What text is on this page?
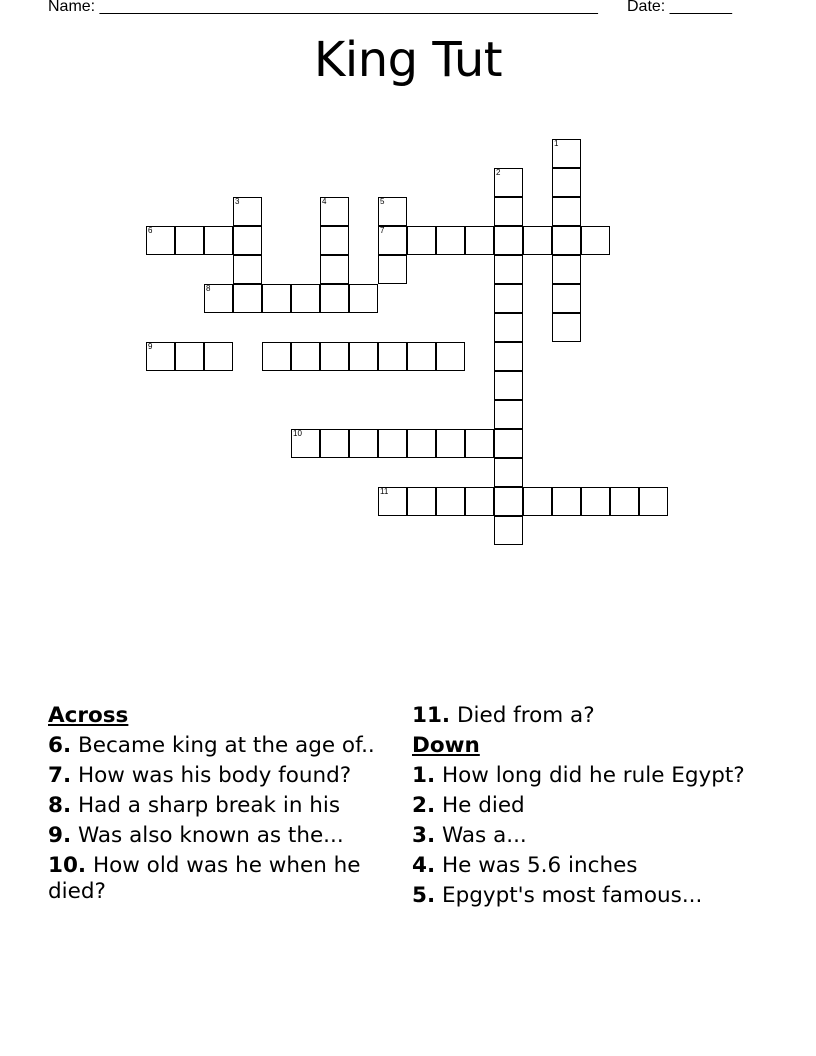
Name: ________________________________________________________ Date: _______
King Tut
1
2
3	4	5
7
6
8
9
10
11
Across
6. Became king at the age of..
7. How was his body found?
8. Had a sharp break in his
9. Was also known as the...
10. How old was he when he died?
11. Died from a?
Down
1. How long did he rule Egypt?
2. He died
3. Was a...
4. He was 5.6 inches
5. Epgypt's most famous...
